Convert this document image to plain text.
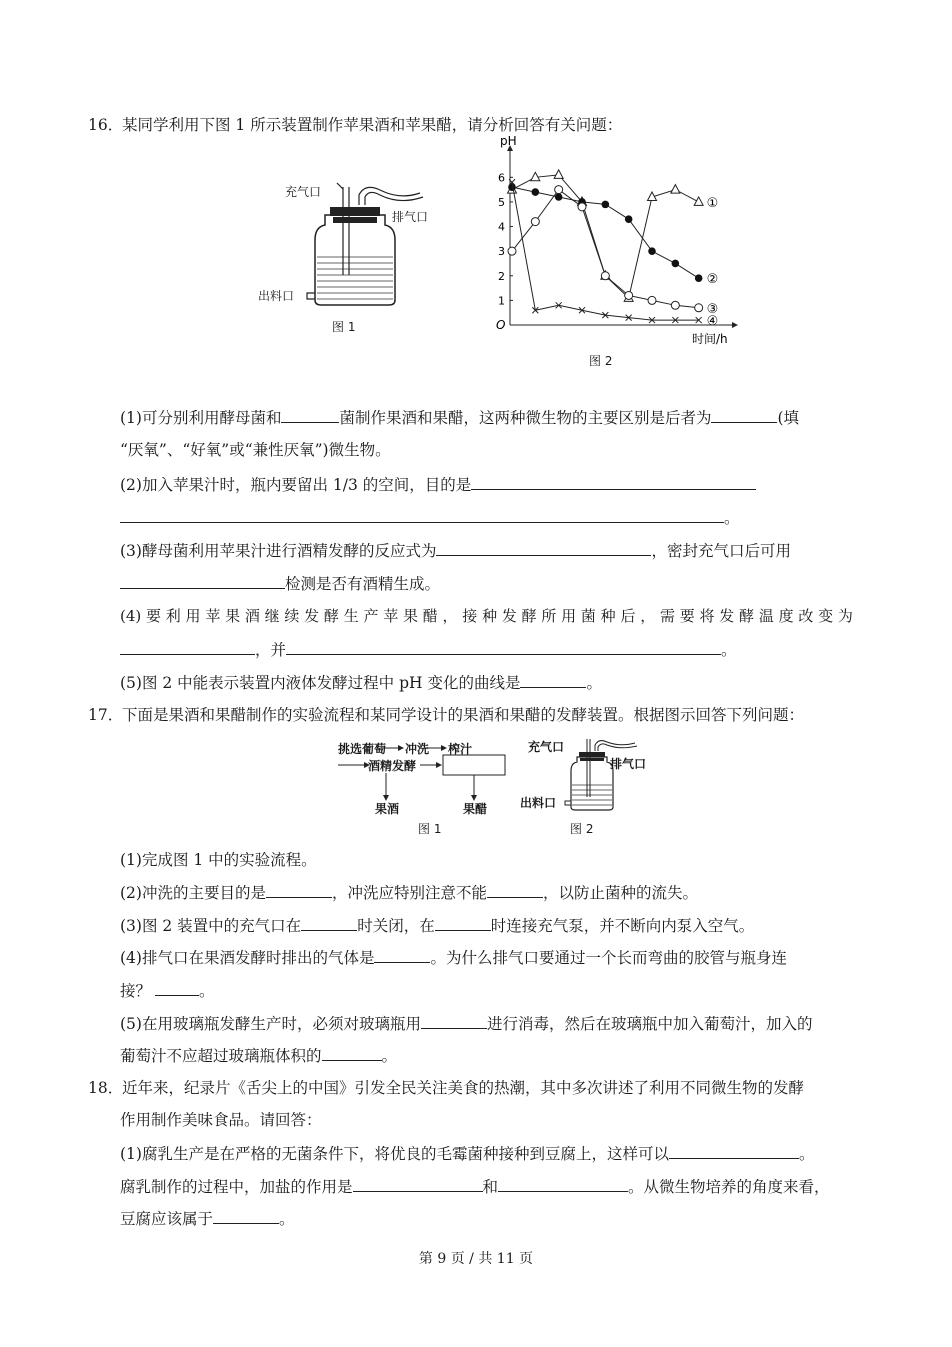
16．
某同学利用下图 1 所示装置制作苹果酒和苹果醋，请分析回答有关问题：
充气口
排气口
出料口
图 1
pH
O
1
2
3
4
5
6
时间/h
①
②
③
④
图 2
(1)可分别利用酵母菌和	菌制作果酒和果醋，这两种微生物的主要区别是后者为	(填
“厌氧”、“好氧”或“兼性厌氧”)微生物。
(2)加入苹果汁时，瓶内要留出 1/3 的空间，目的是
。
(3)酵母菌利用苹果汁进行酒精发酵的反应式为	，密封充气口后可用
检测是否有酒精生成。
(4) 要 利 用 苹 果 酒 继 续 发 酵 生 产 苹 果 醋 ， 接 种 发 酵 所 用 菌 种 后 ， 需 要 将 发 酵 温 度 改 变 为
，并	。
(5)图 2 中能表示装置内液体发酵过程中 pH 变化的曲线是	。
17．
下面是果酒和果醋制作的实验流程和某同学设计的果酒和果醋的发酵装置。根据图示回答下列问题：
挑选葡萄 冲洗 榨汁
酒精发酵
果酒	果醋
图 1
充气口
排气口
出料口
图 2
(1)完成图 1 中的实验流程。
(2)冲洗的主要目的是	，冲洗应特别注意不能	，以防止菌种的流失。
(3)图 2 装置中的充气口在	时关闭，在	时连接充气泵，并不断向内泵入空气。
(4)排气口在果酒发酵时排出的气体是	。为什么排气口要通过一个长而弯曲的胶管与瓶身连
接？	。
(5)在用玻璃瓶发酵生产时，必须对玻璃瓶用	进行消毒，然后在玻璃瓶中加入葡萄汁，加入的
葡萄汁不应超过玻璃瓶体积的	。
18．
近年来，纪录片《舌尖上的中国》引发全民关注美食的热潮，其中多次讲述了利用不同微生物的发酵
作用制作美味食品。请回答：
(1)腐乳生产是在严格的无菌条件下，将优良的毛霉菌种接种到豆腐上，这样可以	。
腐乳制作的过程中，加盐的作用是	和	。从微生物培养的角度来看，
豆腐应该属于	。
第 9 页 / 共 11 页
